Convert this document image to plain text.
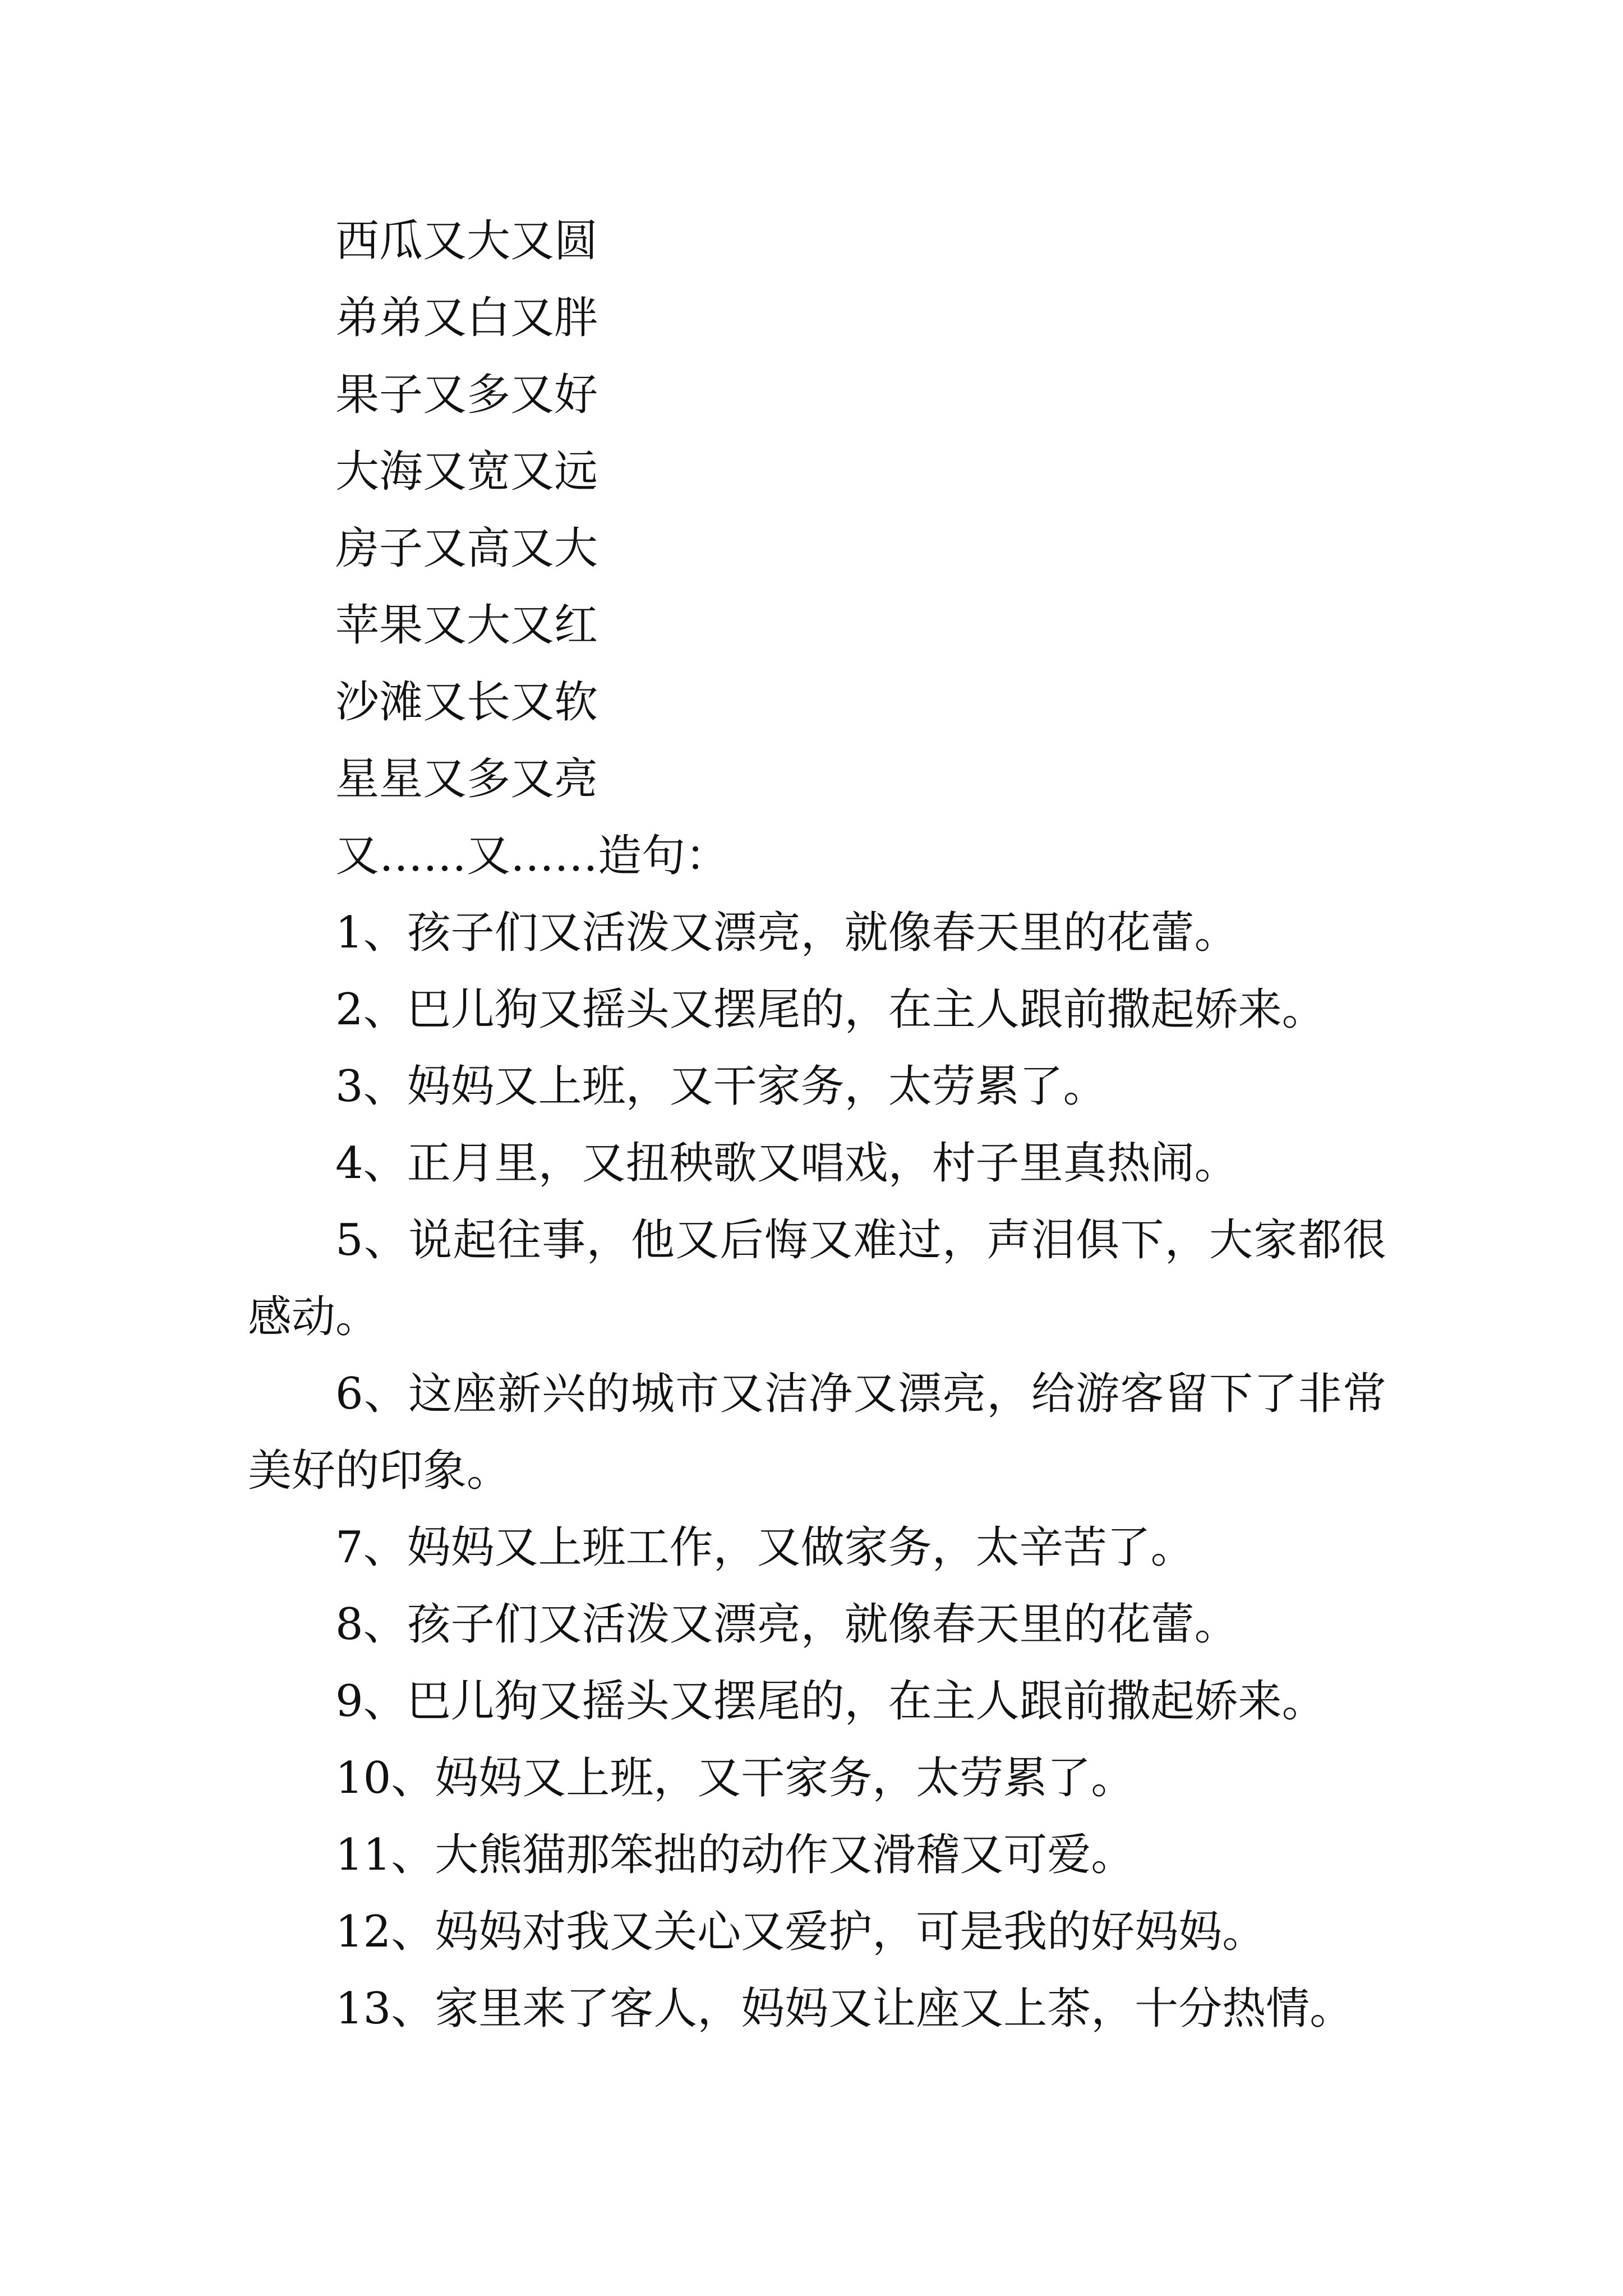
西瓜又大又圆

弟弟又白又胖

果子又多又好

大海又宽又远

房子又高又大

苹果又大又红

沙滩又长又软

星星又多又亮

又……又……造句：

1、孩子们又活泼又漂亮，就像春天里的花蕾。

2、巴儿狗又摇头又摆尾的，在主人跟前撒起娇来。

3、妈妈又上班，又干家务，太劳累了。

4、正月里，又扭秧歌又唱戏，村子里真热闹。

5、说起往事，他又后悔又难过，声泪俱下，大家都很感动。

6、这座新兴的城市又洁净又漂亮，给游客留下了非常美好的印象。

7、妈妈又上班工作，又做家务，太辛苦了。

8、孩子们又活泼又漂亮，就像春天里的花蕾。

9、巴儿狗又摇头又摆尾的，在主人跟前撒起娇来。

10、妈妈又上班，又干家务，太劳累了。

11、大熊猫那笨拙的动作又滑稽又可爱。

12、妈妈对我又关心又爱护，可是我的好妈妈。

13、家里来了客人，妈妈又让座又上茶，十分热情。
